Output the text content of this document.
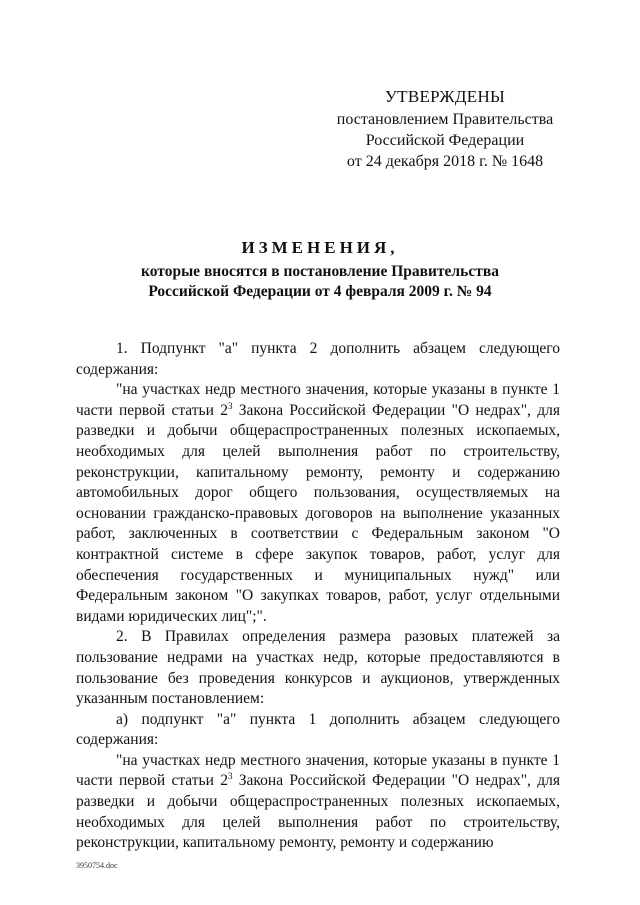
УТВЕРЖДЕНЫ
постановлением Правительства
Российской Федерации
от 24 декабря 2018 г. № 1648
ИЗМЕНЕНИЯ,
которые вносятся в постановление Правительства
Российской Федерации от 4 февраля 2009 г. № 94

1. Подпункт "а" пункта 2 дополнить абзацем следующего содержания:

"на участках недр местного значения, которые указаны в пункте 1 части первой статьи $2^3$ Закона Российской Федерации "О недрах", для разведки и добычи общераспространенных полезных ископаемых, необходимых для целей выполнения работ по строительству, реконструкции, капитальному ремонту, ремонту и содержанию автомобильных дорог общего пользования, осуществляемых на основании гражданско-правовых договоров на выполнение указанных работ, заключенных в соответствии с Федеральным законом "О контрактной системе в сфере закупок товаров, работ, услуг для обеспечения государственных и муниципальных нужд" или Федеральным законом "О закупках товаров, работ, услуг отдельными видами юридических лиц";".

2. В Правилах определения размера разовых платежей за пользование недрами на участках недр, которые предоставляются в пользование без проведения конкурсов и аукционов, утвержденных указанным постановлением:

а) подпункт "а" пункта 1 дополнить абзацем следующего содержания:

"на участках недр местного значения, которые указаны в пункте 1 части первой статьи $2^3$ Закона Российской Федерации "О недрах", для разведки и добычи общераспространенных полезных ископаемых, необходимых для целей выполнения работ по строительству, реконструкции, капитальному ремонту, ремонту и содержанию

3950754.doc
